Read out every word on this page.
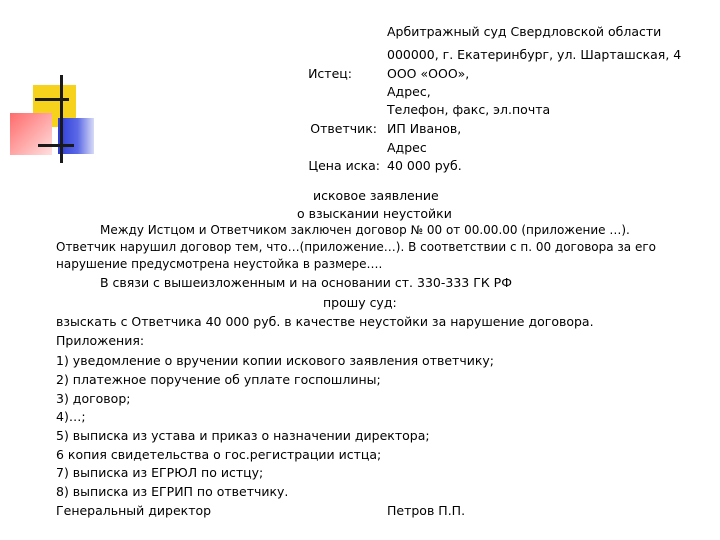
Арбитражный суд Свердловской области
000000, г. Екатеринбург, ул. Шарташская, 4
Истец:	ООО «ООО»,
Адрес,
Телефон, факс, эл.почта
Ответчик: ИП Иванов,
Адрес
Цена иска: 40 000 руб.
исковое заявление
о взыскании неустойки
Между Истцом и Ответчиком заключен договор № 00 от 00.00.00 (приложение …). Ответчик нарушил договор тем, что…(приложение…). В соответствии с п. 00 договора за его нарушение предусмотрена неустойка в размере….
В связи с вышеизложенным и на основании ст. 330-333 ГК РФ
прошу суд:
взыскать с Ответчика 40 000 руб. в качестве неустойки за нарушение договора.
Приложения:
1) уведомление о вручении копии искового заявления ответчику;
2) платежное поручение об уплате госпошлины;
3) договор;
4)…;
5) выписка из устава и приказ о назначении директора;
6 копия свидетельства о гос.регистрации истца;
7) выписка из ЕГРЮЛ по истцу;
8) выписка из ЕГРИП по ответчику.
Генеральный директор	Петров П.П.
